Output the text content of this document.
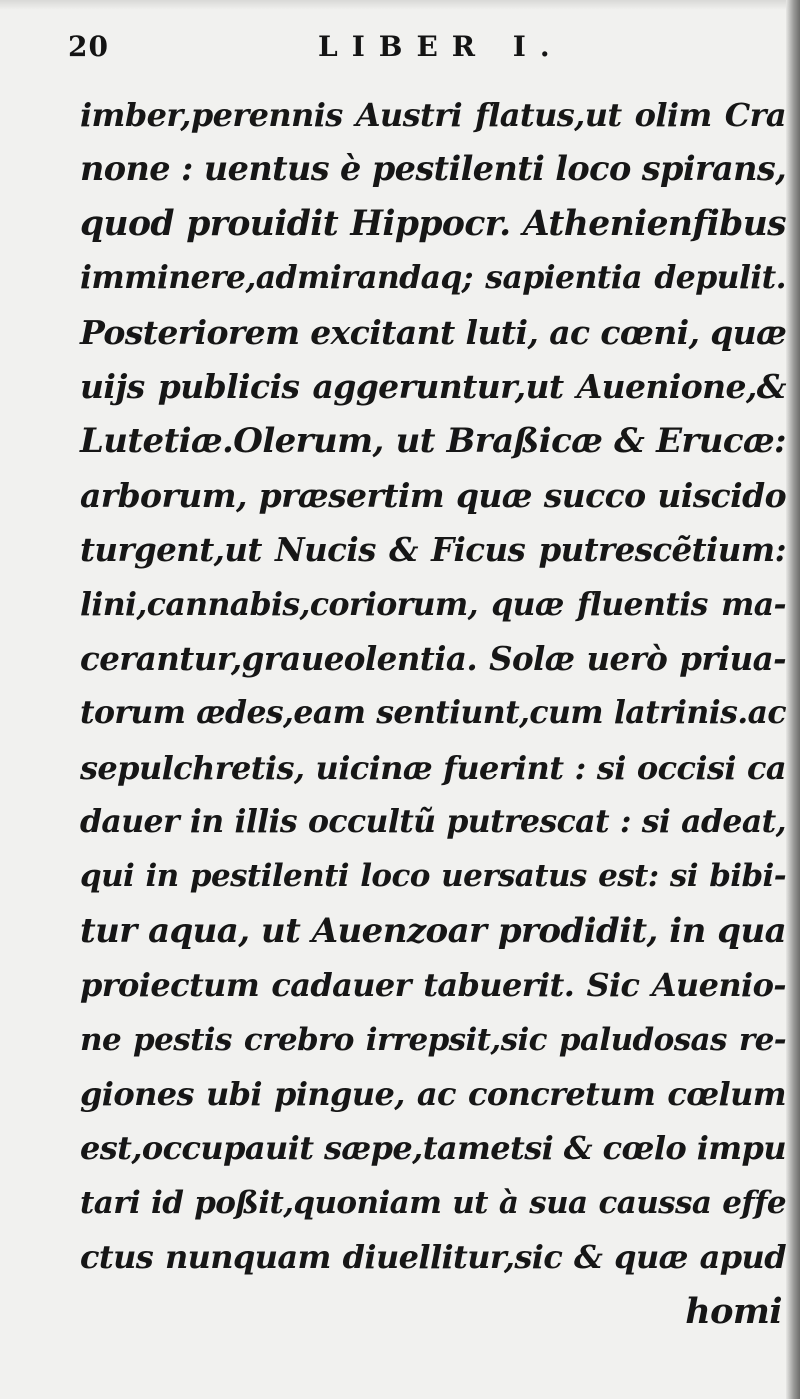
20	LIBER I.
imber,perennis Austri flatus,ut olim Cra
none : uentus è pestilenti loco spirans,
quod prouidit Hippocr. Athenienfibus
imminere,admirandaq; sapientia depulit.
Posteriorem excitant luti, ac cœni, quæ
uijs publicis aggeruntur,ut Auenione,&
Lutetiæ.Olerum, ut Braßicæ & Erucæ:
arborum, præsertim quæ succo uiscido
turgent,ut Nucis & Ficus putrescẽtium:
lini,cannabis,coriorum, quæ fluentis ma-
cerantur,graueolentia. Solæ uerò priua-
torum ædes,eam sentiunt,cum latrinis.ac
sepulchretis, uicinæ fuerint : si occisi ca
dauer in illis occultũ putrescat : si adeat,
qui in pestilenti loco uersatus est: si bibi-
tur aqua, ut Auenzoar prodidit, in qua
proiectum cadauer tabuerit. Sic Auenio-
ne pestis crebro irrepsit,sic paludosas re-
giones ubi pingue, ac concretum cœlum
est,occupauit sæpe,tametsi & cœlo impu
tari id poßit,quoniam ut à sua caussa effe
ctus nunquam diuellitur,sic & quæ apud
homi
